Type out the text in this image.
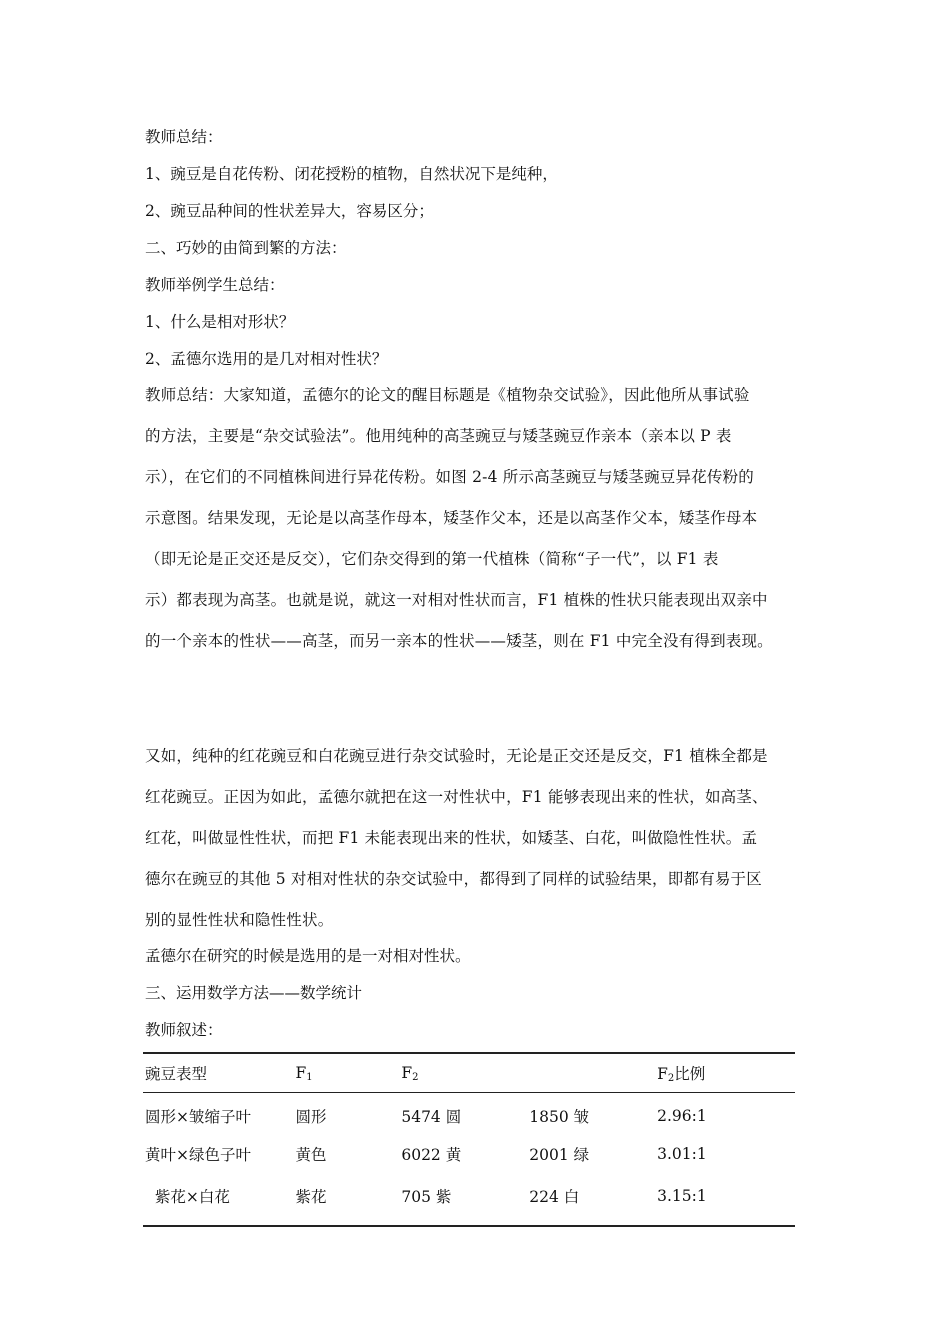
教师总结：
1、豌豆是自花传粉、闭花授粉的植物，自然状况下是纯种，
2、豌豆品种间的性状差异大，容易区分；
二、巧妙的由简到繁的方法：
教师举例学生总结：
1、什么是相对形状？
2、孟德尔选用的是几对相对性状？
教师总结：大家知道，孟德尔的论文的醒目标题是《植物杂交试验》，因此他所从事试验
的方法，主要是“杂交试验法”。他用纯种的高茎豌豆与矮茎豌豆作亲本（亲本以 P 表
示），在它们的不同植株间进行异花传粉。如图 2-4 所示高茎豌豆与矮茎豌豆异花传粉的
示意图。结果发现，无论是以高茎作母本，矮茎作父本，还是以高茎作父本，矮茎作母本
（即无论是正交还是反交），它们杂交得到的第一代植株（简称“子一代”，以 F1 表
示）都表现为高茎。也就是说，就这一对相对性状而言，F1 植株的性状只能表现出双亲中
的一个亲本的性状——高茎，而另一亲本的性状——矮茎，则在 F1 中完全没有得到表现。
又如，纯种的红花豌豆和白花豌豆进行杂交试验时，无论是正交还是反交，F1 植株全都是
红花豌豆。正因为如此，孟德尔就把在这一对性状中，F1 能够表现出来的性状，如高茎、
红花，叫做显性性状，而把 F1 未能表现出来的性状，如矮茎、白花，叫做隐性性状。孟
德尔在豌豆的其他 5 对相对性状的杂交试验中，都得到了同样的试验结果，即都有易于区
别的显性性状和隐性性状。
孟德尔在研究的时候是选用的是一对相对性状。
三、运用数学方法——数学统计
教师叙述：
豌豆表型	$F_1$	$F_2$		$F_2$比例
圆形×皱缩子叶	圆形	5474 圆	1850 皱	2.96:1
黄叶×绿色子叶	黄色	6022 黄	2001 绿	3.01:1
紫花×白花	紫花	705 紫	224 白	3.15:1
